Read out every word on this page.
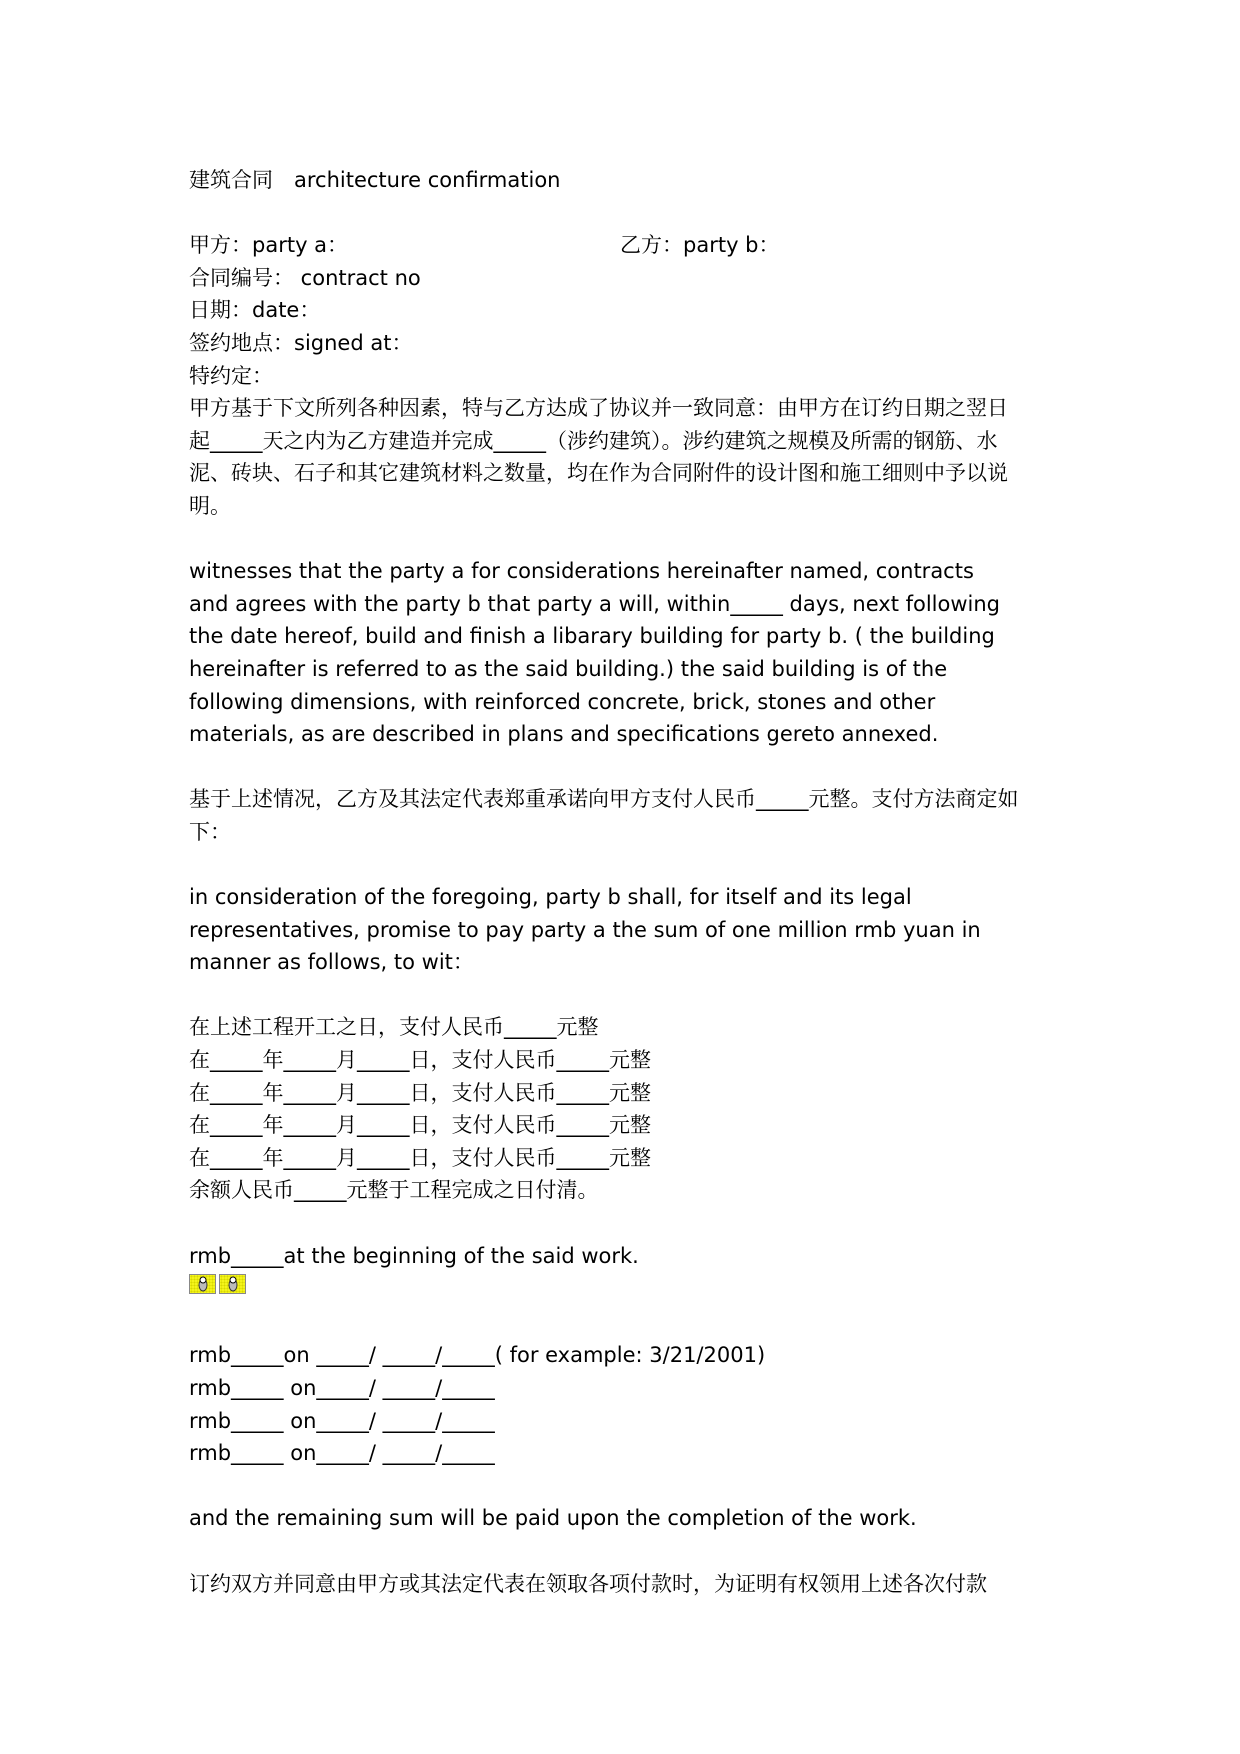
建筑合同　architecture confirmation
甲方：party a：	乙方：party b：
合同编号： contract no
日期：date：
签约地点：signed at：
特约定：
甲方基于下文所列各种因素，特与乙方达成了协议并一致同意：由甲方在订约日期之翌日
起_____天之内为乙方建造并完成_____（涉约建筑）。涉约建筑之规模及所需的钢筋、水
泥、砖块、石子和其它建筑材料之数量，均在作为合同附件的设计图和施工细则中予以说
明。
witnesses that the party a for considerations hereinafter named, contracts
and agrees with the party b that party a will, within_____ days, next following
the date hereof, build and finish a libarary building for party b. ( the building
hereinafter is referred to as the said building.) the said building is of the
following dimensions, with reinforced concrete, brick, stones and other
materials, as are described in plans and specifications gereto annexed.
基于上述情况，乙方及其法定代表郑重承诺向甲方支付人民币_____元整。支付方法商定如
下：
in consideration of the foregoing, party b shall, for itself and its legal
representatives, promise to pay party a the sum of one million rmb yuan in
manner as follows, to wit：
在上述工程开工之日，支付人民币_____元整
在_____年_____月_____日，支付人民币_____元整
在_____年_____月_____日，支付人民币_____元整
在_____年_____月_____日，支付人民币_____元整
在_____年_____月_____日，支付人民币_____元整
余额人民币_____元整于工程完成之日付清。
rmb_____at the beginning of the said work.
rmb_____on _____/ _____/_____( for example: 3/21/2001)
rmb_____ on_____/ _____/_____
rmb_____ on_____/ _____/_____
rmb_____ on_____/ _____/_____
and the remaining sum will be paid upon the completion of the work.
订约双方并同意由甲方或其法定代表在领取各项付款时，为证明有权领用上述各次付款
